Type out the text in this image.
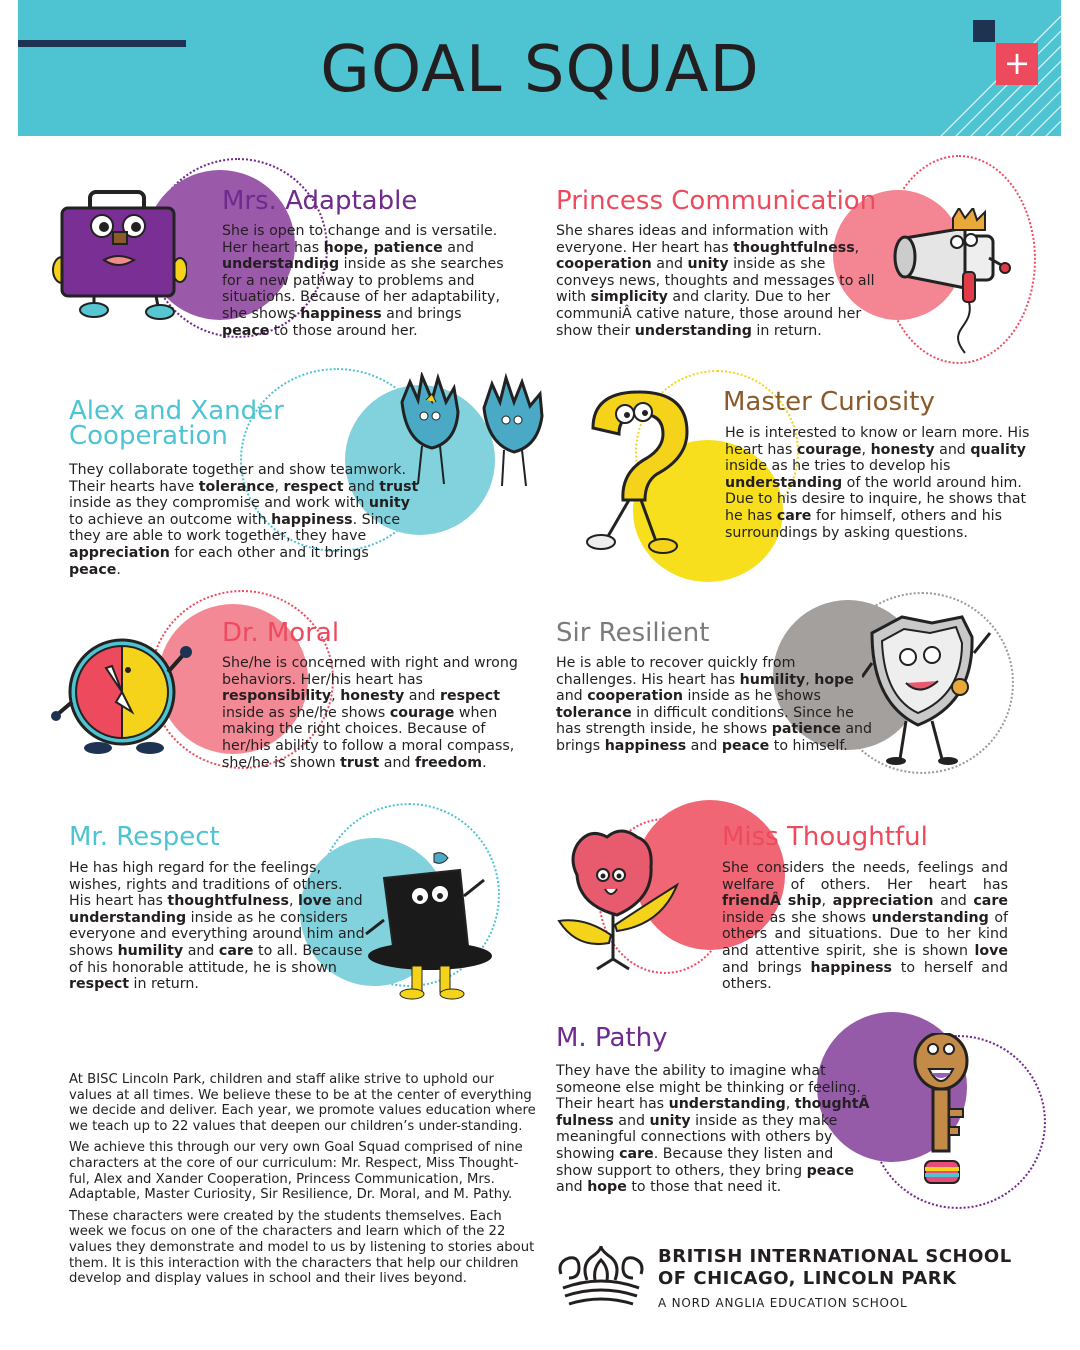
GOAL SQUAD	+
Mrs. Adaptable
She is open to change and is versatile. Her heart has hope, patience and understanding inside as she searches for a new pathway to problems and situations. Because of her adaptability, she shows happiness and brings peace to those around her.
Princess Communication
She shares ideas and information with everyone. Her heart has thoughtfulness, cooperation and unity inside as she conveys news, thoughts and messages to all with simplicity and clarity. Due to her communiÂ cative nature, those around her show their understanding in return.
Alex and Xander Cooperation
They collaborate together and show teamwork. Their hearts have tolerance, respect and trust inside as they compromise and work with unity to achieve an outcome with happiness. Since they are able to work together, they have appreciation for each other and it brings peace.
Master Curiosity
He is interested to know or learn more. His heart has courage, honesty and quality inside as he tries to develop his understanding of the world around him. Due to his desire to inquire, he shows that he has care for himself, others and his surroundings by asking questions.
Dr. Moral
She/he is concerned with right and wrong behaviors. Her/his heart has responsibility, honesty and respect inside as she/he shows courage when making the right choices. Because of her/his ability to follow a moral compass, she/he is shown trust and freedom.
Sir Resilient
He is able to recover quickly from challenges. His heart has humility, hope and cooperation inside as he shows tolerance in difficult conditions. Since he has strength inside, he shows patience and brings happiness and peace to himself.
Mr. Respect
He has high regard for the feelings, wishes, rights and traditions of others. His heart has thoughtfulness, love and understanding inside as he considers everyone and everything around him and shows humility and care to all. Because of his honorable attitude, he is shown respect in return.
Miss Thoughtful
She considers the needs, feelings and welfare of others. Her heart has friendÂ ship, appreciation and care inside as she shows understanding of others and situations. Due to her kind and attentive spirit, she is shown love and brings happiness to herself and others.
M. Pathy
They have the ability to imagine what someone else might be thinking or feeling. Their heart has understanding, thoughtÂ fulness and unity inside as they make meaningful connections with others by showing care. Because they listen and show support to others, they bring peace and hope to those that need it.

At BISC Lincoln Park, children and staff alike strive to uphold our values at all times. We believe these to be at the center of everything we decide and deliver. Each year, we promote values education where we teach up to 22 values that deepen our children’s under-standing.

We achieve this through our very own Goal Squad comprised of nine characters at the core of our curriculum: Mr. Respect, Miss Thought-ful, Alex and Xander Cooperation, Princess Communication, Mrs. Adaptable, Master Curiosity, Sir Resilience, Dr. Moral, and M. Pathy.

These characters were created by the students themselves. Each week we focus on one of the characters and learn which of the 22 values they demonstrate and model to us by listening to stories about them. It is this interaction with the characters that help our children develop and display values in school and their lives beyond.

BRITISH INTERNATIONAL SCHOOL
OF CHICAGO, LINCOLN PARK
A NORD ANGLIA EDUCATION SCHOOL
